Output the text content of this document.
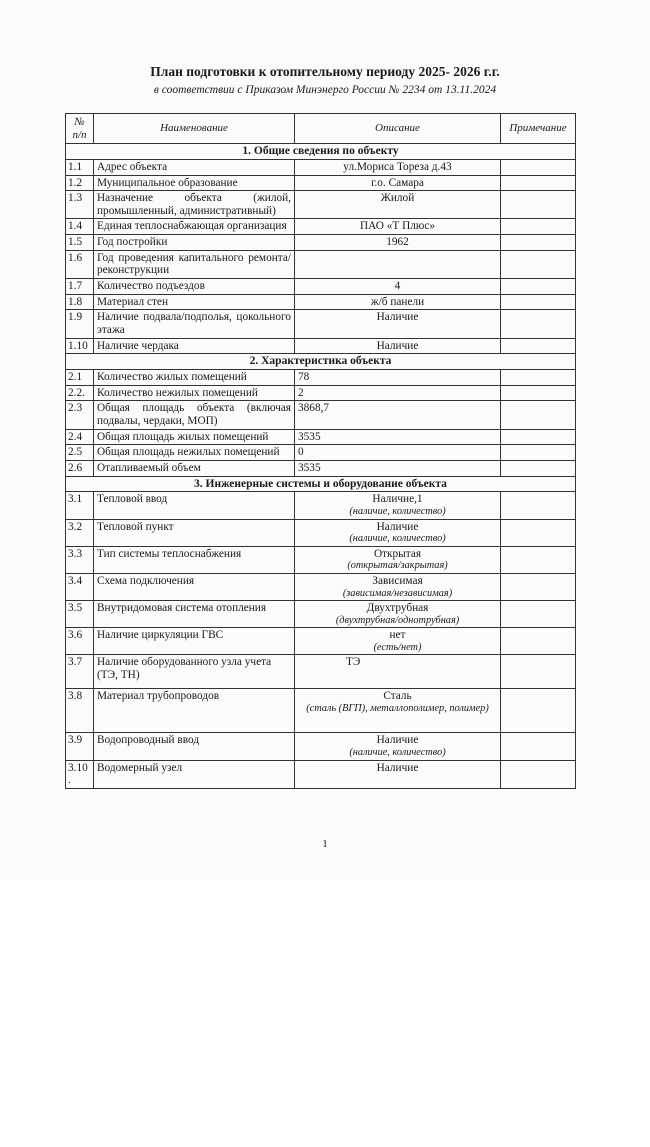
План подготовки к отопительному периоду 2025- 2026 г.г.
в соответствии с Приказом Минэнерго России № 2234 от 13.11.2024
№ п/п	Наименование	Описание	Примечание
1. Общие сведения по объекту			
1.1	Адрес объекта	ул.Мориса Тореза д.43	
1.2	Муниципальное образование	г.о. Самара	
1.3	Назначение объекта (жилой, промышленный, административный)	Жилой	
1.4	Единая теплоснабжающая организация	ПАО «Т Плюс»	
1.5	Год постройки	1962	
1.6	Год проведения капитального ремонта/реконструкции		
1.7	Количество подъездов	4	
1.8	Материал стен	ж/б панели	
1.9	Наличие подвала/подполья, цокольного этажа	Наличие	
1.10	Наличие чердака	Наличие	
2. Характеристика объекта			
2.1	Количество жилых помещений	78	
2.2.	Количество нежилых помещений	2	
2.3	Общая площадь объекта (включая подвалы, чердаки, МОП)	3868,7	
2.4	Общая площадь жилых помещений	3535	
2.5	Общая площадь нежилых помещений	0	
2.6	Отапливаемый объем	3535	
3. Инженерные системы и оборудование объекта			
3.1	Тепловой ввод	Наличие,1
(наличие, количество)	

3.2	Тепловой пункт	Наличие
(наличие, количество)	

3.3	Тип системы теплоснабжения	Открытая
(открытая/закрытая)	

3.4	Схема подключения	Зависимая
(зависимая/независимая)	

3.5	Внутридомовая система отопления	Двухтрубная
(двухтрубная/однотрубная)	

3.6	Наличие циркуляции ГВС	нет
(есть/нет)	

3.7	Наличие оборудованного узла учета (ТЭ, ТН)	ТЭ	

3.8	Материал трубопроводов	Сталь
(сталь (ВГП), металлополимер, полимер)	

3.9	Водопроводный ввод	Наличие
(наличие, количество)	

3.10 .	Водомерный узел	Наличие	

1
